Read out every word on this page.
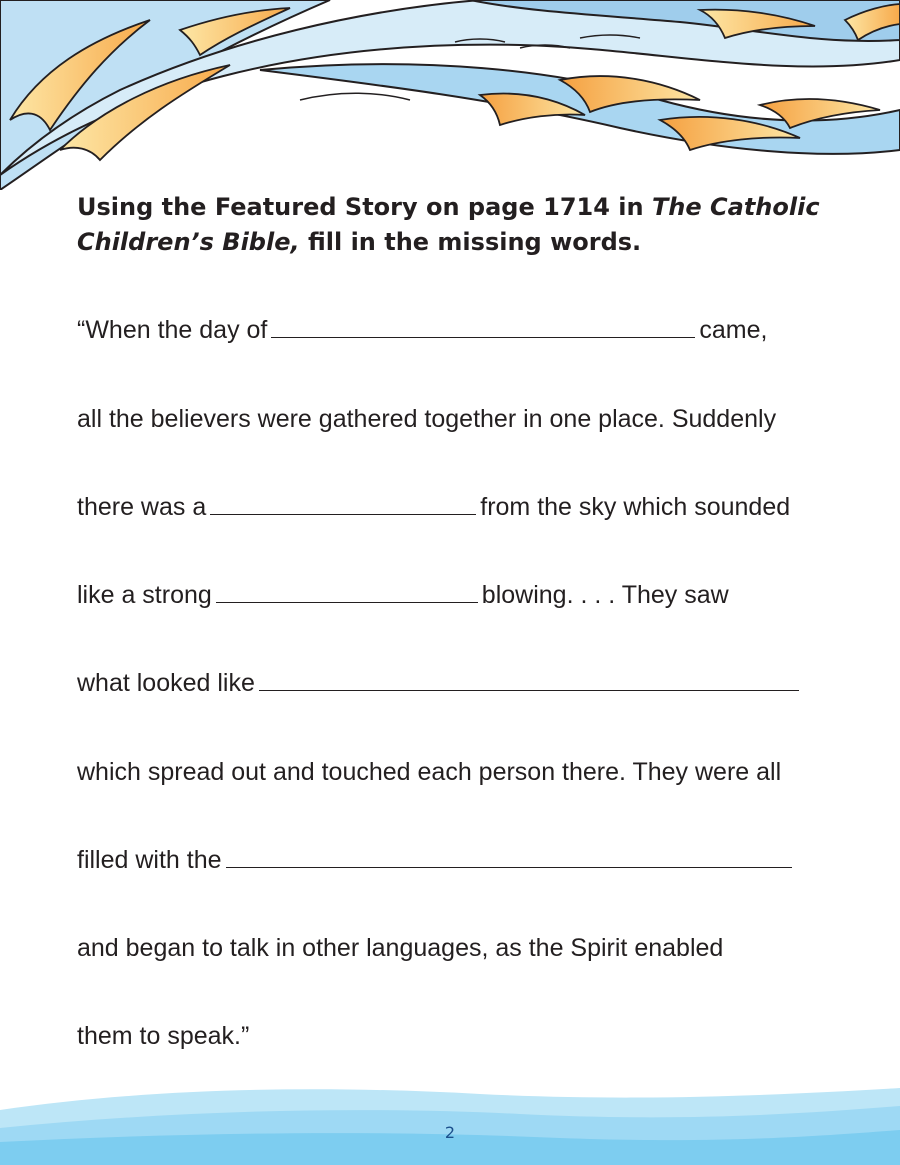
Using the Featured Story on page 1714 in The Catholic Children’s Bible, fill in the missing words.

“When the day of	came,
all the believers were gathered together in one place. Suddenly
there was a	from the sky which sounded
like a strong	blowing. . . . They saw
what looked like
which spread out and touched each person there. They were all
filled with the
and began to talk in other languages, as the Spirit enabled
them to speak.”
2
